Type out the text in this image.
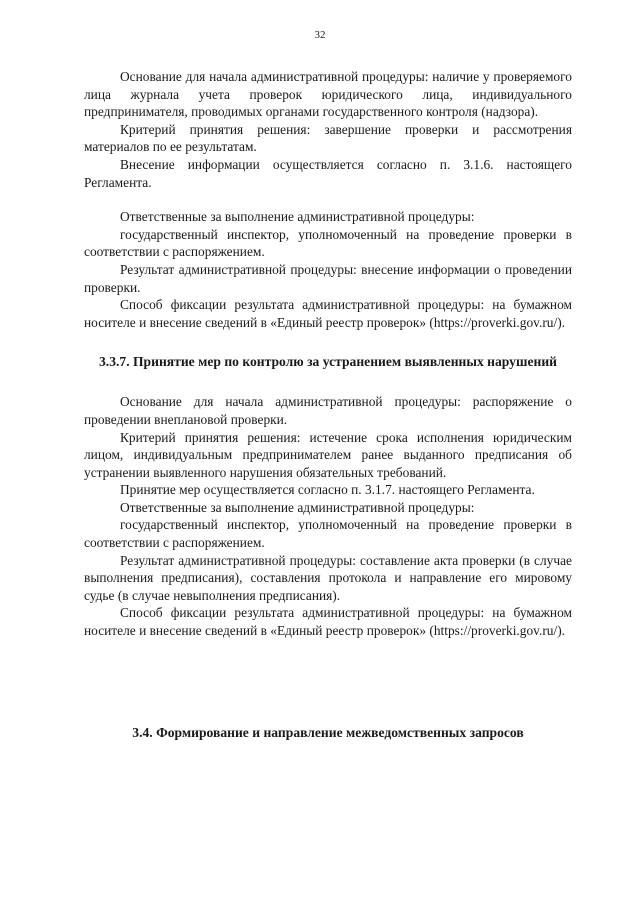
32

Основание для начала административной процедуры: наличие у проверяемого лица журнала учета проверок юридического лица, индивидуального предпринимателя, проводимых органами государственного контроля (надзора).

Критерий принятия решения: завершение проверки и рассмотрения материалов по ее результатам.

Внесение информации осуществляется согласно п. 3.1.6. настоящего Регламента.

Ответственные за выполнение административной процедуры:

государственный инспектор, уполномоченный на проведение проверки в соответствии с распоряжением.

Результат административной процедуры: внесение информации о проведении проверки.

Способ фиксации результата административной процедуры: на бумажном носителе и внесение сведений в «Единый реестр проверок» (https://proverki.gov.ru/).

3.3.7. Принятие мер по контролю за устранением выявленных нарушений

Основание для начала административной процедуры: распоряжение о проведении внеплановой проверки.

Критерий принятия решения: истечение срока исполнения юридическим лицом, индивидуальным предпринимателем ранее выданного предписания об устранении выявленного нарушения обязательных требований.

Принятие мер осуществляется согласно п. 3.1.7. настоящего Регламента.

Ответственные за выполнение административной процедуры:

государственный инспектор, уполномоченный на проведение проверки в соответствии с распоряжением.

Результат административной процедуры: составление акта проверки (в случае выполнения предписания), составления протокола и направление его мировому судье (в случае невыполнения предписания).

Способ фиксации результата административной процедуры: на бумажном носителе и внесение сведений в «Единый реестр проверок» (https://proverki.gov.ru/).

3.4. Формирование и направление межведомственных запросов
